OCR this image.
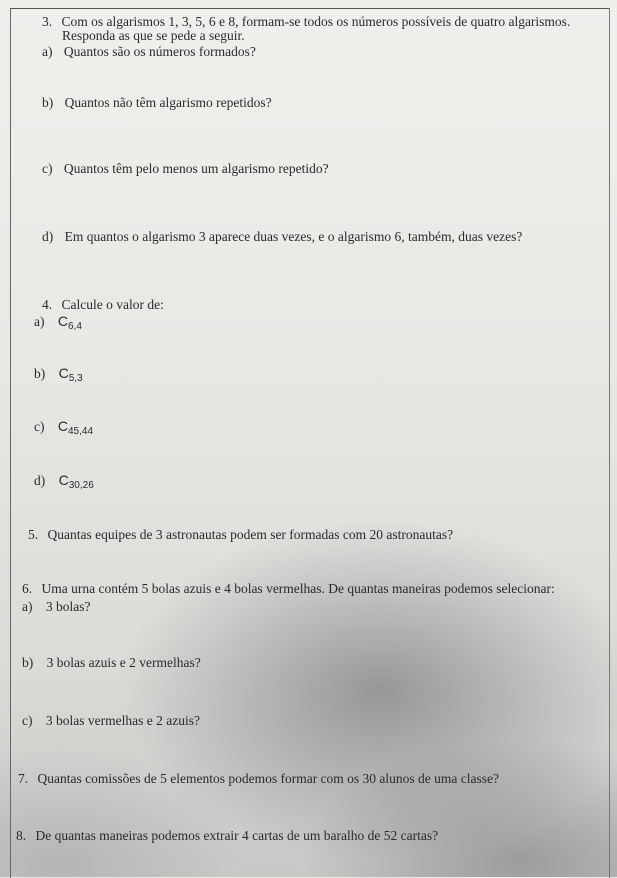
3. Com os algarismos 1, 3, 5, 6 e 8, formam-se todos os números possíveis de quatro algarismos.
Responda as que se pede a seguir.
a) Quantos são os números formados?
b) Quantos não têm algarismo repetidos?
c) Quantos têm pelo menos um algarismo repetido?
d) Em quantos o algarismo 3 aparece duas vezes, e o algarismo 6, também, duas vezes?
4. Calcule o valor de:
a) $C_{6,4}$
b) $C_{5,3}$
c) $C_{45,44}$
d) $C_{30,26}$
5. Quantas equipes de 3 astronautas podem ser formadas com 20 astronautas?
6. Uma urna contém 5 bolas azuis e 4 bolas vermelhas. De quantas maneiras podemos selecionar:
a) 3 bolas?
b) 3 bolas azuis e 2 vermelhas?
c) 3 bolas vermelhas e 2 azuis?
7. Quantas comissões de 5 elementos podemos formar com os 30 alunos de uma classe?
8. De quantas maneiras podemos extrair 4 cartas de um baralho de 52 cartas?
